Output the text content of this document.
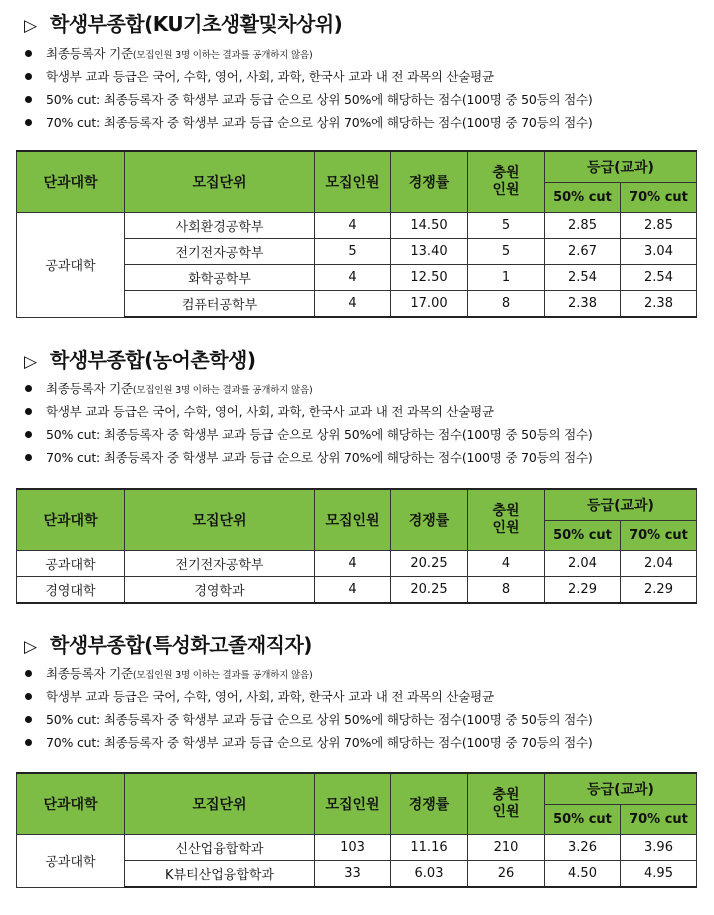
▷ 학생부종합(KU기초생활및차상위)
최종등록자 기준(모집인원 3명 이하는 결과를 공개하지 않음)
학생부 교과 등급은 국어, 수학, 영어, 사회, 과학, 한국사 교과 내 전 과목의 산술평균
50% cut: 최종등록자 중 학생부 교과 등급 순으로 상위 50%에 해당하는 점수(100명 중 50등의 점수)
70% cut: 최종등록자 중 학생부 교과 등급 순으로 상위 70%에 해당하는 점수(100명 중 70등의 점수)
단과대학	모집단위	모집인원	경쟁률	충원
인원	등급(교과)	
					50% cut	70% cut
공과대학	사회환경공학부	4	14.50	5	2.85	2.85
	전기전자공학부	5	13.40	5	2.67	3.04
	화학공학부	4	12.50	1	2.54	2.54
	컴퓨터공학부	4	17.00	8	2.38	2.38
▷ 학생부종합(농어촌학생)
최종등록자 기준(모집인원 3명 이하는 결과를 공개하지 않음)
학생부 교과 등급은 국어, 수학, 영어, 사회, 과학, 한국사 교과 내 전 과목의 산술평균
50% cut: 최종등록자 중 학생부 교과 등급 순으로 상위 50%에 해당하는 점수(100명 중 50등의 점수)
70% cut: 최종등록자 중 학생부 교과 등급 순으로 상위 70%에 해당하는 점수(100명 중 70등의 점수)
단과대학	모집단위	모집인원	경쟁률	충원
인원	등급(교과)	
					50% cut	70% cut
공과대학	전기전자공학부	4	20.25	4	2.04	2.04
경영대학	경영학과	4	20.25	8	2.29	2.29
▷ 학생부종합(특성화고졸재직자)
최종등록자 기준(모집인원 3명 이하는 결과를 공개하지 않음)
학생부 교과 등급은 국어, 수학, 영어, 사회, 과학, 한국사 교과 내 전 과목의 산술평균
50% cut: 최종등록자 중 학생부 교과 등급 순으로 상위 50%에 해당하는 점수(100명 중 50등의 점수)
70% cut: 최종등록자 중 학생부 교과 등급 순으로 상위 70%에 해당하는 점수(100명 중 70등의 점수)
단과대학	모집단위	모집인원	경쟁률	충원
인원	등급(교과)	
					50% cut	70% cut
공과대학	신산업융합학과	103	11.16	210	3.26	3.96
	K뷰티산업융합학과	33	6.03	26	4.50	4.95
